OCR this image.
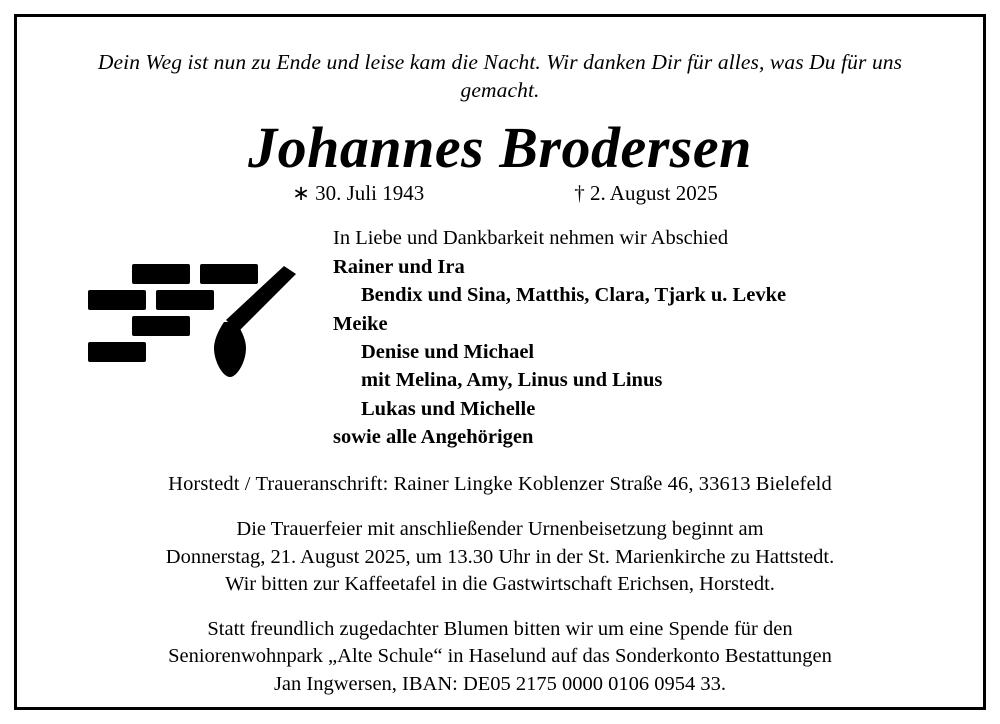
Dein Weg ist nun zu Ende und leise kam die Nacht. Wir danken Dir für alles, was Du für uns gemacht.
Johannes Brodersen
∗ 30. Juli 1943	† 2. August 2025
In Liebe und Dankbarkeit nehmen wir Abschied
Rainer und Ira
Bendix und Sina, Matthis, Clara, Tjark u. Levke
Meike
Denise und Michael
mit Melina, Amy, Linus und Linus
Lukas und Michelle
sowie alle Angehörigen
Horstedt / Traueranschrift: Rainer Lingke Koblenzer Straße 46, 33613 Bielefeld
Die Trauerfeier mit anschließender Urnenbeisetzung beginnt am
Donnerstag, 21. August 2025, um 13.30 Uhr in der St. Marienkirche zu Hattstedt.
Wir bitten zur Kaffeetafel in die Gastwirtschaft Erichsen, Horstedt.
Statt freundlich zugedachter Blumen bitten wir um eine Spende für den
Seniorenwohnpark „Alte Schule“ in Haselund auf das Sonderkonto Bestattungen
Jan Ingwersen, IBAN: DE05 2175 0000 0106 0954 33.
